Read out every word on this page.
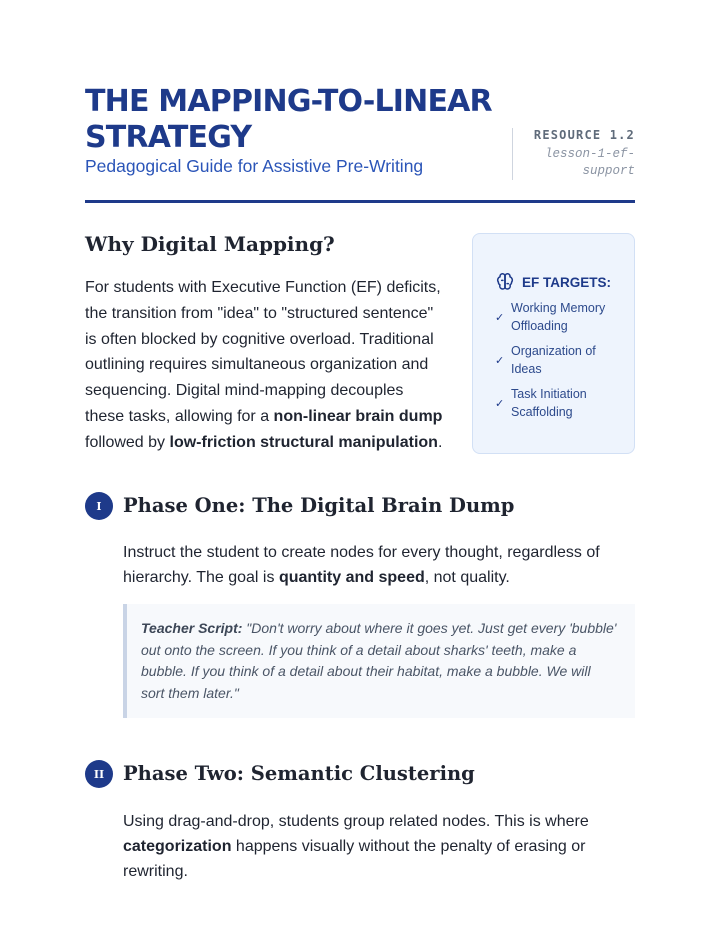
THE MAPPING-TO-LINEAR STRATEGY

Pedagogical Guide for Assistive Pre-Writing

RESOURCE 1.2
lesson-1-ef-support
Why Digital Mapping?

For students with Executive Function (EF) deficits, the transition from "idea" to "structured sentence" is often blocked by cognitive overload. Traditional outlining requires simultaneous organization and sequencing. Digital mind-mapping decouples these tasks, allowing for a non-linear brain dump followed by low-friction structural manipulation.

EF TARGETS:
✓
Working Memory Offloading
✓
Organization of Ideas
✓
Task Initiation Scaffolding
I	Phase One: The Digital Brain Dump

Instruct the student to create nodes for every thought, regardless of hierarchy. The goal is quantity and speed, not quality.

Teacher Script: "Don't worry about where it goes yet. Just get every 'bubble' out onto the screen. If you think of a detail about sharks' teeth, make a bubble. If you think of a detail about their habitat, make a bubble. We will sort them later."
II Phase Two: Semantic Clustering

Using drag-and-drop, students group related nodes. This is where categorization happens visually without the penalty of erasing or rewriting.
